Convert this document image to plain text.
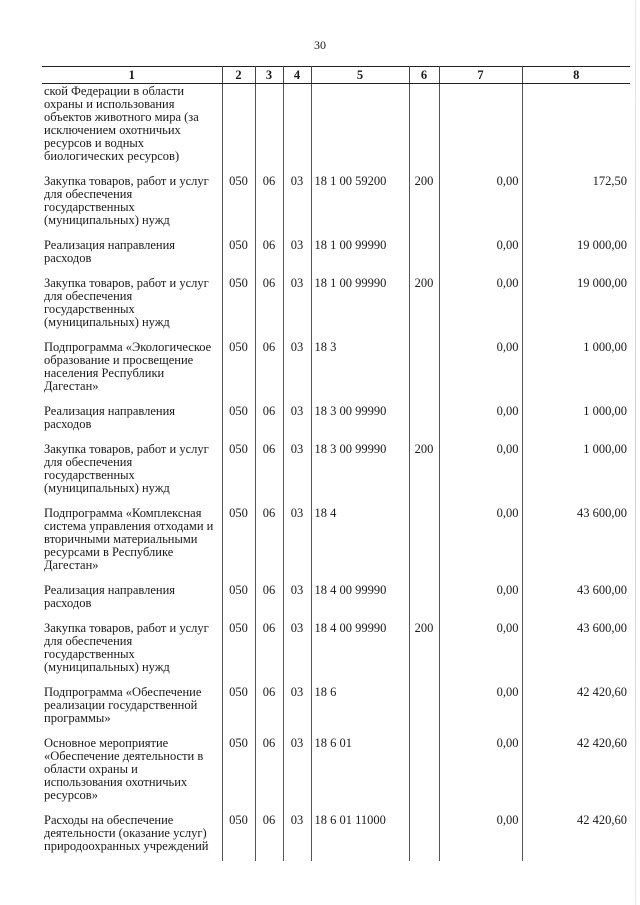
30
1	2	3	4	5	6	7	8
ской Федерации в области охраны и использования объектов животного мира (за исключением охотничьих ресурсов и водных биологических ресурсов)							
Закупка товаров, работ и услуг для обеспечения государственных (муниципальных) нужд	050	06	03	18 1 00 59200	200	0,00	172,50
Реализация направления расходов	050	06	03	18 1 00 99990		0,00	19 000,00
Закупка товаров, работ и услуг для обеспечения государственных (муниципальных) нужд	050	06	03	18 1 00 99990	200	0,00	19 000,00
Подпрограмма «Экологическое образование и просвещение населения Республики Дагестан»	050	06	03	18 3		0,00	1 000,00
Реализация направления расходов	050	06	03	18 3 00 99990		0,00	1 000,00
Закупка товаров, работ и услуг для обеспечения государственных (муниципальных) нужд	050	06	03	18 3 00 99990	200	0,00	1 000,00
Подпрограмма «Комплексная система управления отходами и вторичными материальными ресурсами в Республике Дагестан»	050	06	03	18 4		0,00	43 600,00
Реализация направления расходов	050	06	03	18 4 00 99990		0,00	43 600,00
Закупка товаров, работ и услуг для обеспечения государственных (муниципальных) нужд	050	06	03	18 4 00 99990	200	0,00	43 600,00
Подпрограмма «Обеспечение реализации государственной программы»	050	06	03	18 6		0,00	42 420,60
Основное мероприятие «Обеспечение деятельности в области охраны и использования охотничьих ресурсов»	050	06	03	18 6 01		0,00	42 420,60
Расходы на обеспечение деятельности (оказание услуг) природоохранных учреждений	050	06	03	18 6 01 11000		0,00	42 420,60
